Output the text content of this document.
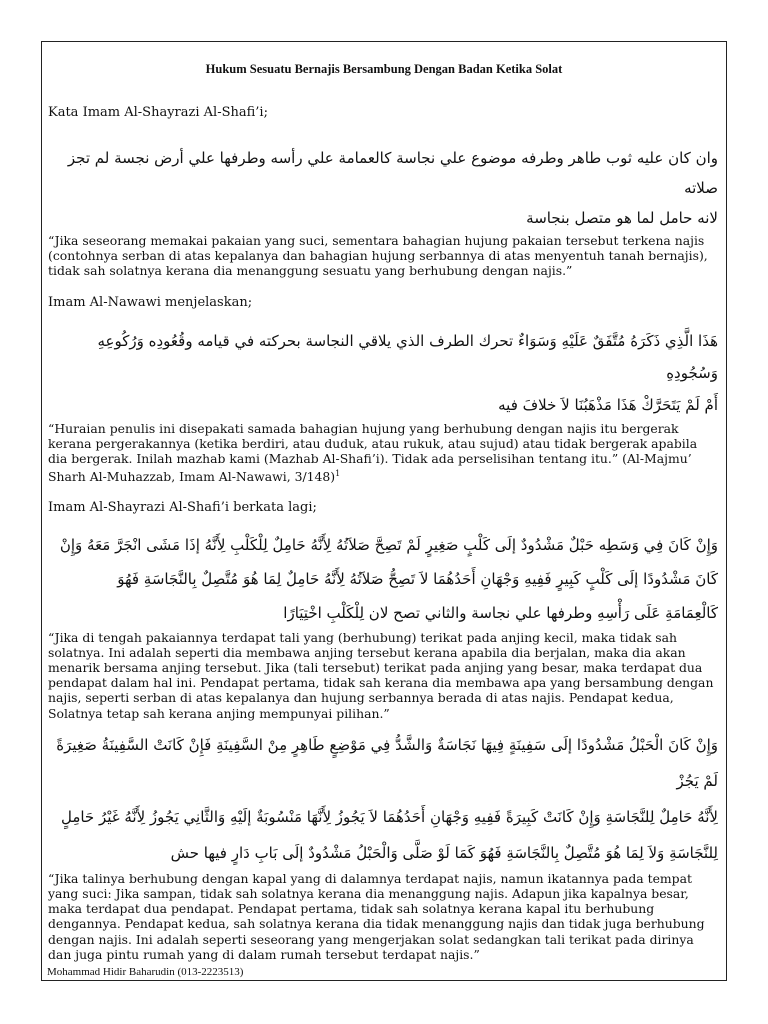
Hukum Sesuatu Bernajis Bersambung Dengan Badan Ketika Solat

Kata Imam Al-Shayrazi Al-Shafi’i;

وان كان عليه ثوب طاهر وطرفه موضوع علي نجاسة كالعمامة علي رأسه وطرفها علي أرض نجسة لم تجز صلاته

لانه حامل لما هو متصل بنجاسة

“Jika seseorang memakai pakaian yang suci, sementara bahagian hujung pakaian tersebut terkena najis (contohnya serban di atas kepalanya dan bahagian hujung serbannya di atas menyentuh tanah bernajis), tidak sah solatnya kerana dia menanggung sesuatu yang berhubung dengan najis.”

Imam Al-Nawawi menjelaskan;

هَذَا الَّذِي ذَكَرَهُ مُتَّفَقٌ عَلَيْهِ وَسَوَاءٌ تحرك الطرف الذي يلاقي النجاسة بحركته في قيامه وقُعُودِه وَرُكُوعِهِ وَسُجُودِهِ

أَمْ لَمْ يَتَحَرَّكْ هَذَا مَذْهَبُنَا لاَ خلافَ فيه

“Huraian penulis ini disepakati samada bahagian hujung yang berhubung dengan najis itu bergerak kerana pergerakannya (ketika berdiri, atau duduk, atau rukuk, atau sujud) atau tidak bergerak apabila dia bergerak. Inilah mazhab kami (Mazhab Al-Shafi’i). Tidak ada perselisihan tentang itu.” (Al-Majmu’ Sharh Al-Muhazzab, Imam Al-Nawawi, 3/148)$^1$

Imam Al-Shayrazi Al-Shafi’i berkata lagi;

وَإِنْ كَانَ فِي وَسَطِه حَبْلٌ مَشْدُودٌ إلَى كَلْبٍ صَغِيرٍ لَمْ تَصِحَّ صَلاَتُهُ لِأَنَّهُ حَامِلٌ لِلْكَلْبِ لِأَنَّهُ إذَا مَشَى انْجَرَّ مَعَهُ وَإِنْ

كَانَ مَشْدُودًا إلَى كَلْبٍ كَبِيرٍ فَفِيهِ وَجْهَانِ أَحَدُهُمَا لاَ تَصِحُّ صَلاَتُهُ لِأَنَّهُ حَامِلٌ لِمَا هُوَ مُتَّصِلٌ بِالنَّجَاسَةِ فَهُوَ

كَالْعِمَامَةِ عَلَى رَأْسِهِ وطرفها علي نجاسة والثاني تصح لان لِلْكَلْبِ اخْتِيَارًا

“Jika di tengah pakaiannya terdapat tali yang (berhubung) terikat pada anjing kecil, maka tidak sah solatnya. Ini adalah seperti dia membawa anjing tersebut kerana apabila dia berjalan, maka dia akan menarik bersama anjing tersebut. Jika (tali tersebut) terikat pada anjing yang besar, maka terdapat dua pendapat dalam hal ini. Pendapat pertama, tidak sah kerana dia membawa apa yang bersambung dengan najis, seperti serban di atas kepalanya dan hujung serbannya berada di atas najis. Pendapat kedua, Solatnya tetap sah kerana anjing mempunyai pilihan.”

وَإِنْ كَانَ الْحَبْلُ مَشْدُودًا إلَى سَفِينَةٍ فِيهَا نَجَاسَةٌ وَالشَّدُّ فِي مَوْضِعٍ طَاهِرٍ مِنْ السَّفِينَةِ فَإِنْ كَانَتْ السَّفِينَةُ صَغِيرَةً لَمْ يَجُزْ

لِأَنَّهُ حَامِلٌ لِلنَّجَاسَةِ وَإِنْ كَانَتْ كَبِيرَةً فَفِيهِ وَجْهَانِ أَحَدُهُمَا لاَ يَجُوزُ لِأَنَّهَا مَنْسُوبَةٌ إلَيْهِ وَالثَّانِي يَجُوزُ لِأَنَّهُ غَيْرُ حَامِلٍ

لِلنَّجَاسَةِ وَلاَ لِمَا هُوَ مُتَّصِلٌ بِالنَّجَاسَةِ فَهُوَ كَمَا لَوْ صَلَّى وَالْحَبْلُ مَشْدُودٌ إلَى بَابِ دَارٍ فيها حش

“Jika talinya berhubung dengan kapal yang di dalamnya terdapat najis, namun ikatannya pada tempat yang suci: Jika sampan, tidak sah solatnya kerana dia menanggung najis. Adapun jika kapalnya besar, maka terdapat dua pendapat. Pendapat pertama, tidak sah solatnya kerana kapal itu berhubung dengannya. Pendapat kedua, sah solatnya kerana dia tidak menanggung najis dan tidak juga berhubung dengan najis. Ini adalah seperti seseorang yang mengerjakan solat sedangkan tali terikat pada dirinya dan juga pintu rumah yang di dalam rumah tersebut terdapat najis.”

Mohammad Hidir Baharudin (013-2223513)
